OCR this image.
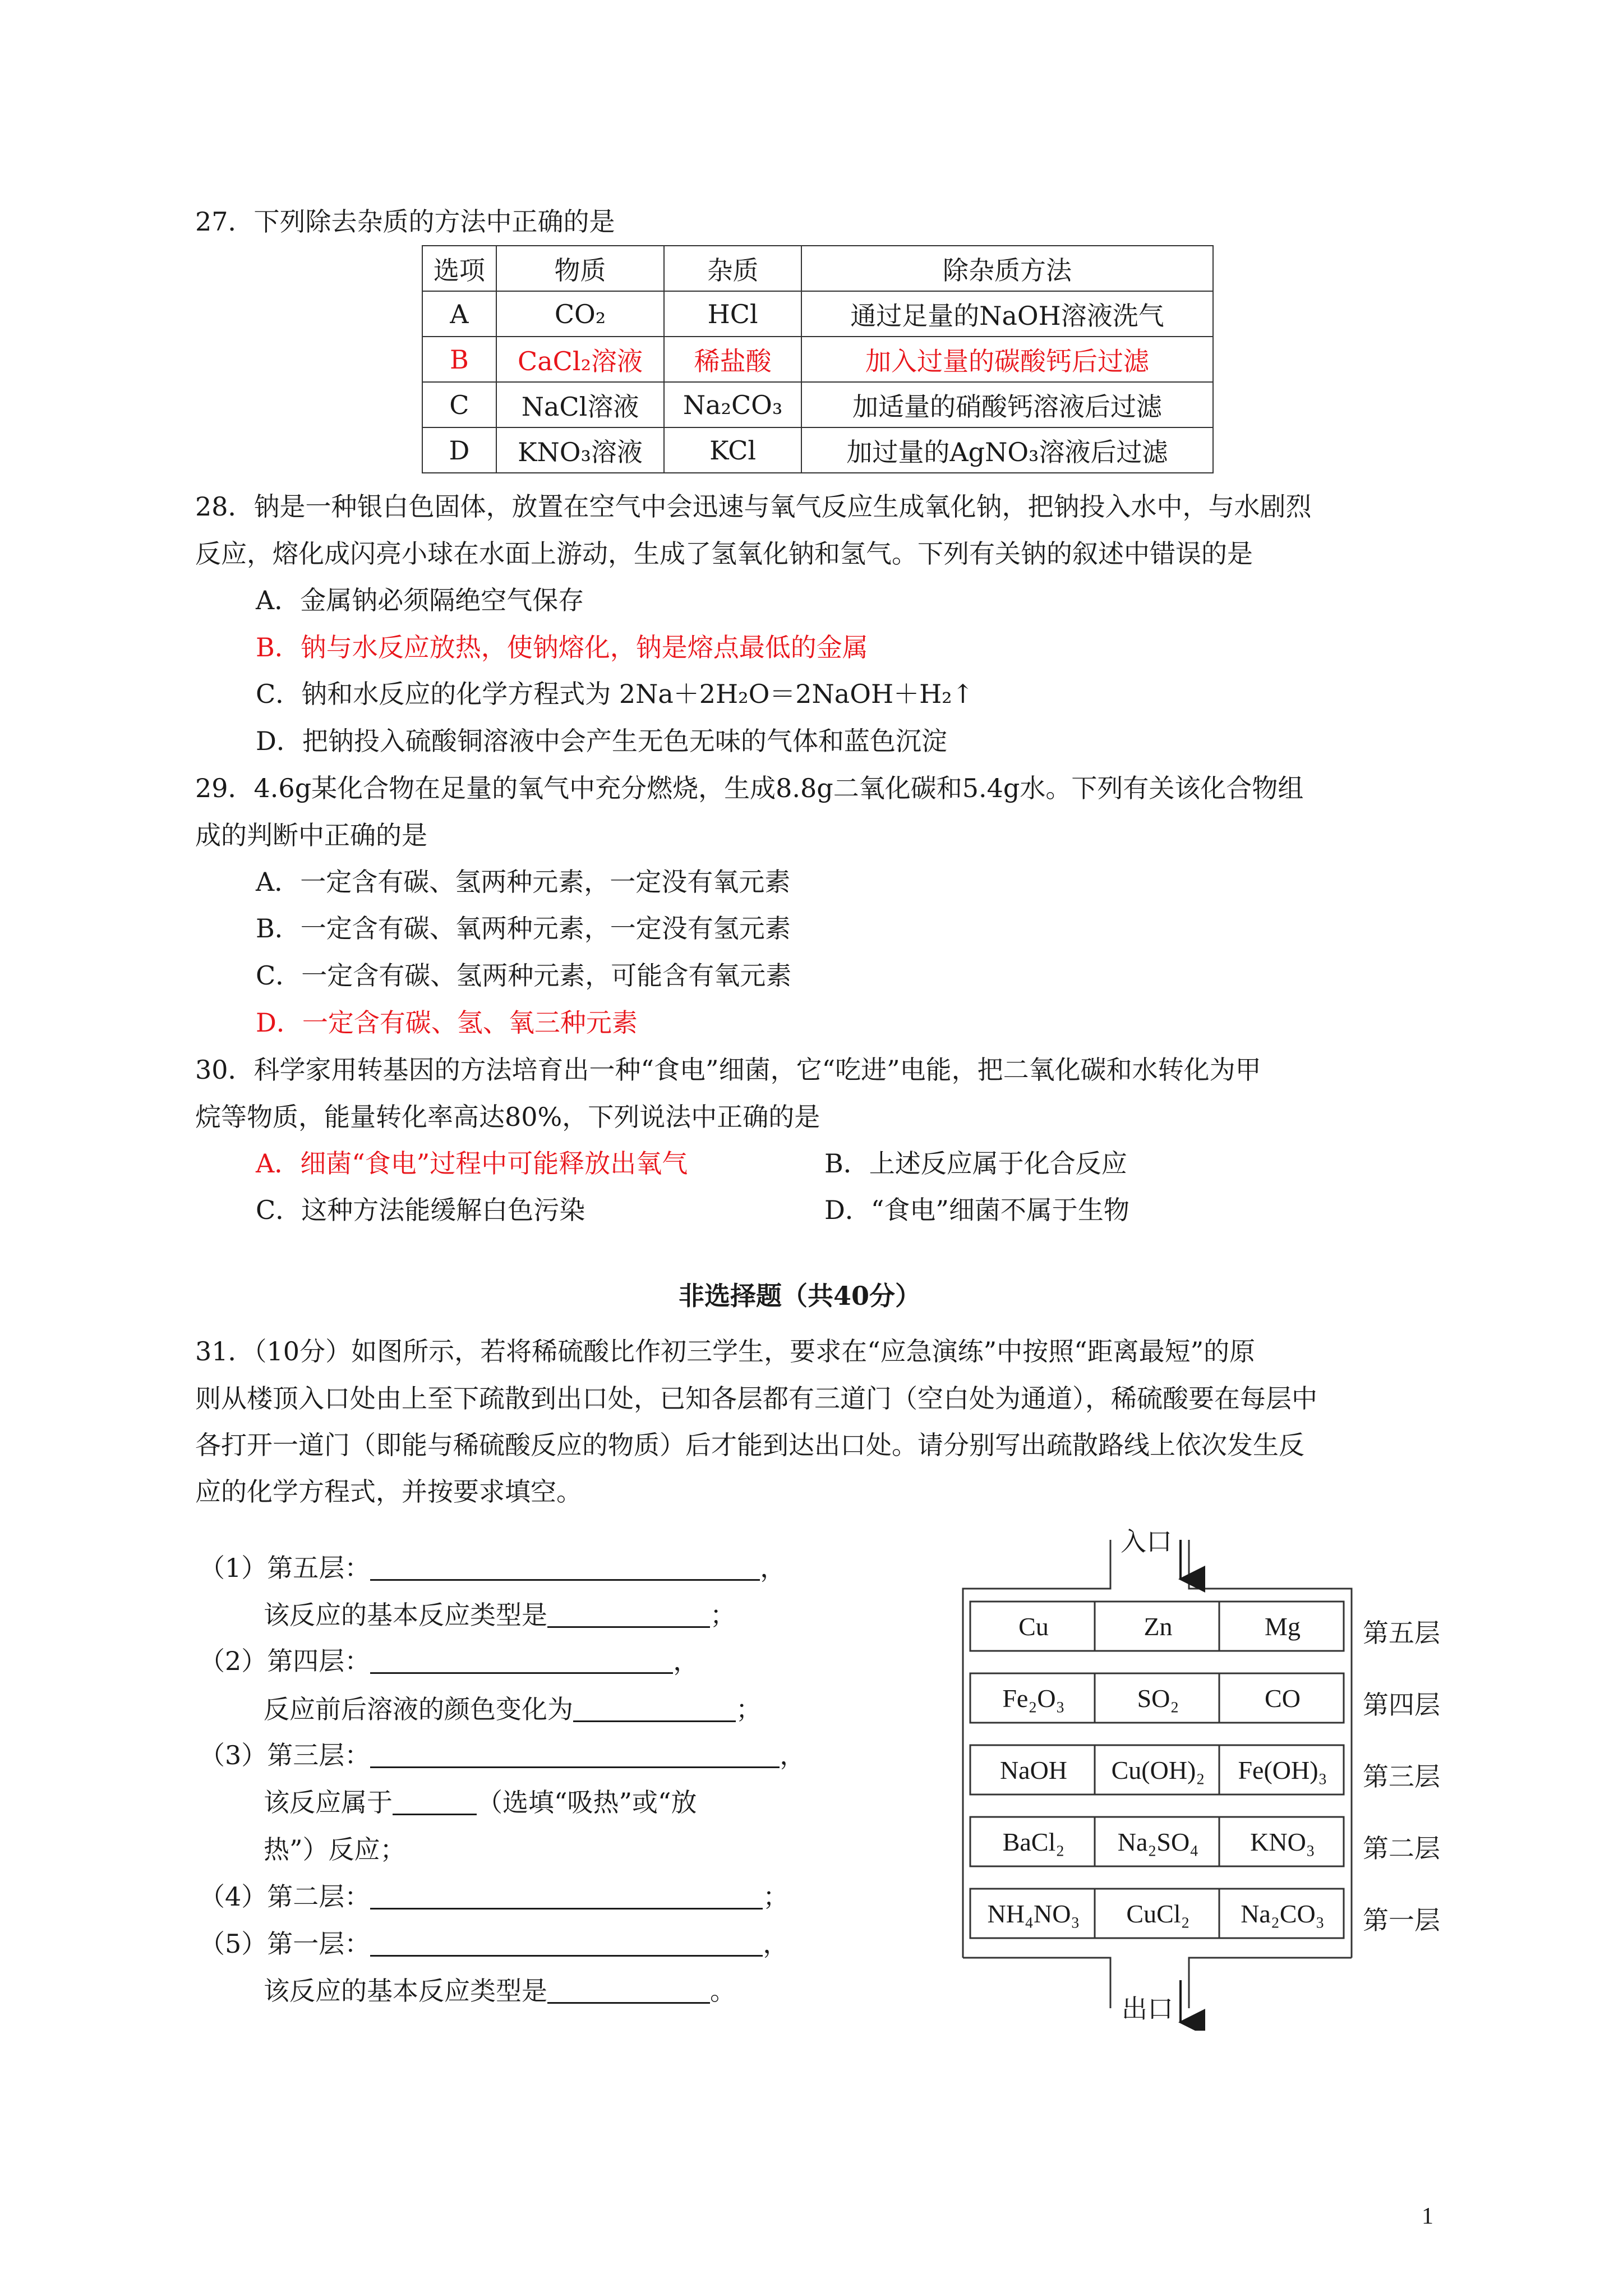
27．下列除去杂质的方法中正确的是
选项	物质	杂质	除杂质方法
A	CO₂	HCl	通过足量的NaOH溶液洗气
B	CaCl₂溶液	稀盐酸	加入过量的碳酸钙后过滤
C	NaCl溶液	Na₂CO₃	加适量的硝酸钙溶液后过滤
D	KNO₃溶液	KCl	加过量的AgNO₃溶液后过滤
28．钠是一种银白色固体，放置在空气中会迅速与氧气反应生成氧化钠，把钠投入水中，与水剧烈
反应，熔化成闪亮小球在水面上游动，生成了氢氧化钠和氢气。下列有关钠的叙述中错误的是
A．金属钠必须隔绝空气保存
B．钠与水反应放热，使钠熔化，钠是熔点最低的金属
C．钠和水反应的化学方程式为 2Na＋2H₂O＝2NaOH＋H₂↑
D．把钠投入硫酸铜溶液中会产生无色无味的气体和蓝色沉淀
29．4.6g某化合物在足量的氧气中充分燃烧，生成8.8g二氧化碳和5.4g水。下列有关该化合物组
成的判断中正确的是
A．一定含有碳、氢两种元素，一定没有氧元素
B．一定含有碳、氧两种元素，一定没有氢元素
C．一定含有碳、氢两种元素，可能含有氧元素
D．一定含有碳、氢、氧三种元素
30．科学家用转基因的方法培育出一种“食电”细菌，它“吃进”电能，把二氧化碳和水转化为甲
烷等物质，能量转化率高达80%，下列说法中正确的是
A．细菌“食电”过程中可能释放出氧气	B．上述反应属于化合反应
C．这种方法能缓解白色污染	D．“食电”细菌不属于生物
非选择题（共40分）
31．（10分）如图所示，若将稀硫酸比作初三学生，要求在“应急演练”中按照“距离最短”的原
则从楼顶入口处由上至下疏散到出口处，已知各层都有三道门（空白处为通道），稀硫酸要在每层中
各打开一道门（即能与稀硫酸反应的物质）后才能到达出口处。请分别写出疏散路线上依次发生反
应的化学方程式，并按要求填空。
（1）第五层：	，
该反应的基本反应类型是	；
（2）第四层：	，
反应前后溶液的颜色变化为	；
（3）第三层：	，
该反应属于	（选填“吸热”或“放
热”）反应；
（4）第二层：	；
（5）第一层：	，
该反应的基本反应类型是	。
入口
出口
Cu	Zn	Mg	第五层
Fe₂O₃	SO₂	CO	第四层
NaOH	Cu(OH)₂	Fe(OH)₃	第三层
BaCl₂	Na₂SO₄	KNO₃	第二层
NH₄NO₃	CuCl₂	Na₂CO₃	第一层
1
